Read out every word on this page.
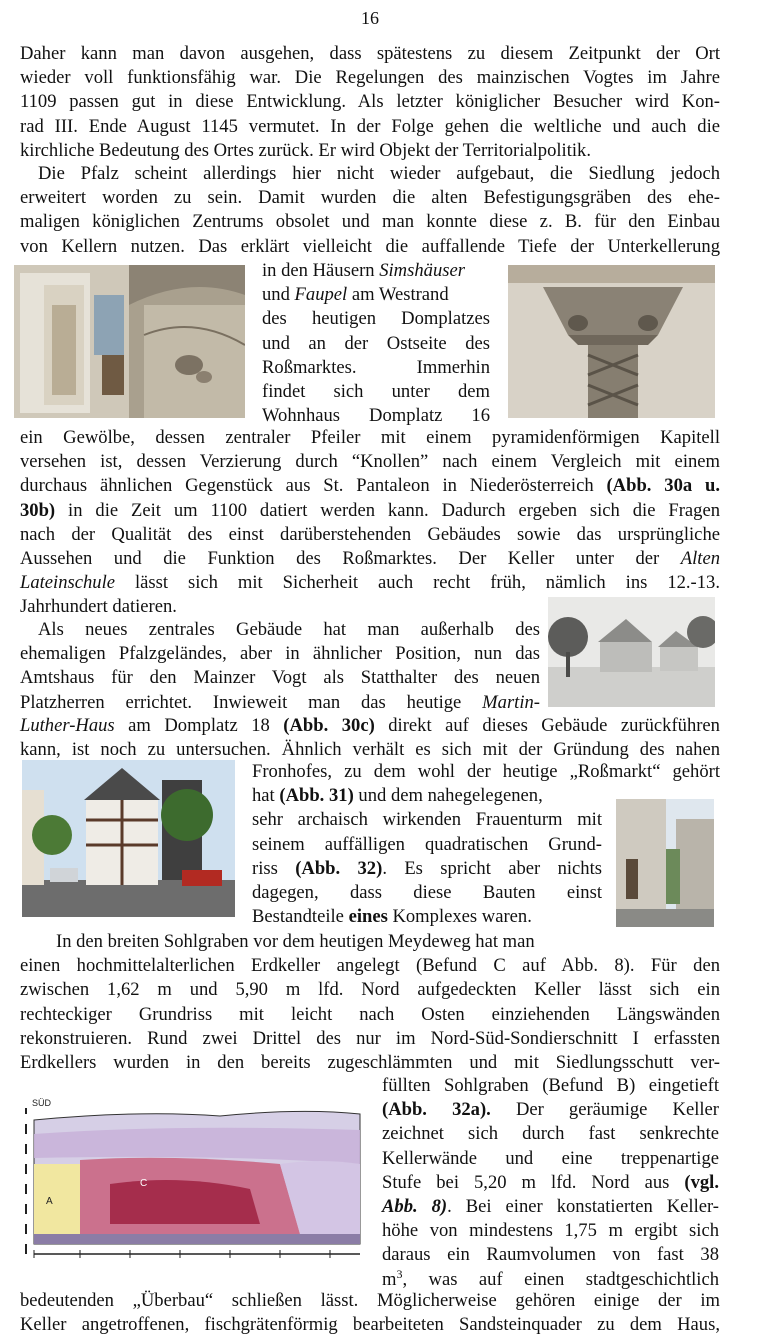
16
Daher kann man davon ausgehen, dass spätestens zu diesem Zeitpunkt der Ort
wieder voll funktionsfähig war. Die Regelungen des mainzischen Vogtes im Jahre
1109 passen gut in diese Entwicklung. Als letzter königlicher Besucher wird Kon-
rad III. Ende August 1145 vermutet. In der Folge gehen die weltliche und auch die
kirchliche Bedeutung des Ortes zurück. Er wird Objekt der Territorialpolitik.
Die Pfalz scheint allerdings hier nicht wieder aufgebaut, die Siedlung jedoch
erweitert worden zu sein. Damit wurden die alten Befestigungsgräben des ehe-
maligen königlichen Zentrums obsolet und man konnte diese z. B. für den Einbau
von Kellern nutzen. Das erklärt vielleicht die auffallende Tiefe der Unterkellerung
in den Häusern Simshäuser
und Faupel am Westrand
des heutigen Domplatzes
und an der Ostseite des
Roßmarktes. Immerhin
findet sich unter dem
Wohnhaus Domplatz 16
ein Gewölbe, dessen zentraler Pfeiler mit einem pyramidenförmigen Kapitell
versehen ist, dessen Verzierung durch “Knollen” nach einem Vergleich mit einem
durchaus ähnlichen Gegenstück aus St. Pantaleon in Niederösterreich (Abb. 30a u.
30b) in die Zeit um 1100 datiert werden kann. Dadurch ergeben sich die Fragen
nach der Qualität des einst darüberstehenden Gebäudes sowie das ursprüngliche
Aussehen und die Funktion des Roßmarktes. Der Keller unter der Alten
Lateinschule lässt sich mit Sicherheit auch recht früh, nämlich ins 12.-13.
Jahrhundert datieren.
Als neues zentrales Gebäude hat man außerhalb des
ehemaligen Pfalzgeländes, aber in ähnlicher Position, nun das
Amtshaus für den Mainzer Vogt als Statthalter des neuen
Platzherren errichtet. Inwieweit man das heutige Martin-
Luther-Haus am Domplatz 18 (Abb. 30c) direkt auf dieses Gebäude zurückführen
kann, ist noch zu untersuchen. Ähnlich verhält es sich mit der Gründung des nahen
Fronhofes, zu dem wohl der heutige „Roßmarkt“ gehört
hat (Abb. 31) und dem nahegelegenen,
sehr archaisch wirkenden Frauenturm mit
seinem auffälligen quadratischen Grund-
riss (Abb. 32). Es spricht aber nichts
dagegen, dass diese Bauten einst
Bestandteile eines Komplexes waren.
In den breiten Sohlgraben vor dem heutigen Meydeweg hat man
einen hochmittelalterlichen Erdkeller angelegt (Befund C auf Abb. 8). Für den
zwischen 1,62 m und 5,90 m lfd. Nord aufgedeckten Keller lässt sich ein
rechteckiger Grundriss mit leicht nach Osten einziehenden Längswänden
rekonstruieren. Rund zwei Drittel des nur im Nord-Süd-Sondierschnitt I erfassten
Erdkellers wurden in den bereits zugeschlämmten und mit Siedlungsschutt ver-
SÜD
A
C
füllten Sohlgraben (Befund B) eingetieft
(Abb. 32a). Der geräumige Keller
zeichnet sich durch fast senkrechte
Kellerwände und eine treppenartige
Stufe bei 5,20 m lfd. Nord aus (vgl.
Abb. 8). Bei einer konstatierten Keller-
höhe von mindestens 1,75 m ergibt sich
daraus ein Raumvolumen von fast 38
$m^3$, was auf einen stadtgeschichtlich
bedeutenden „Überbau“ schließen lässt. Möglicherweise gehören einige der im
Keller angetroffenen, fischgrätenförmig bearbeiteten Sandsteinquader zu dem Haus,
